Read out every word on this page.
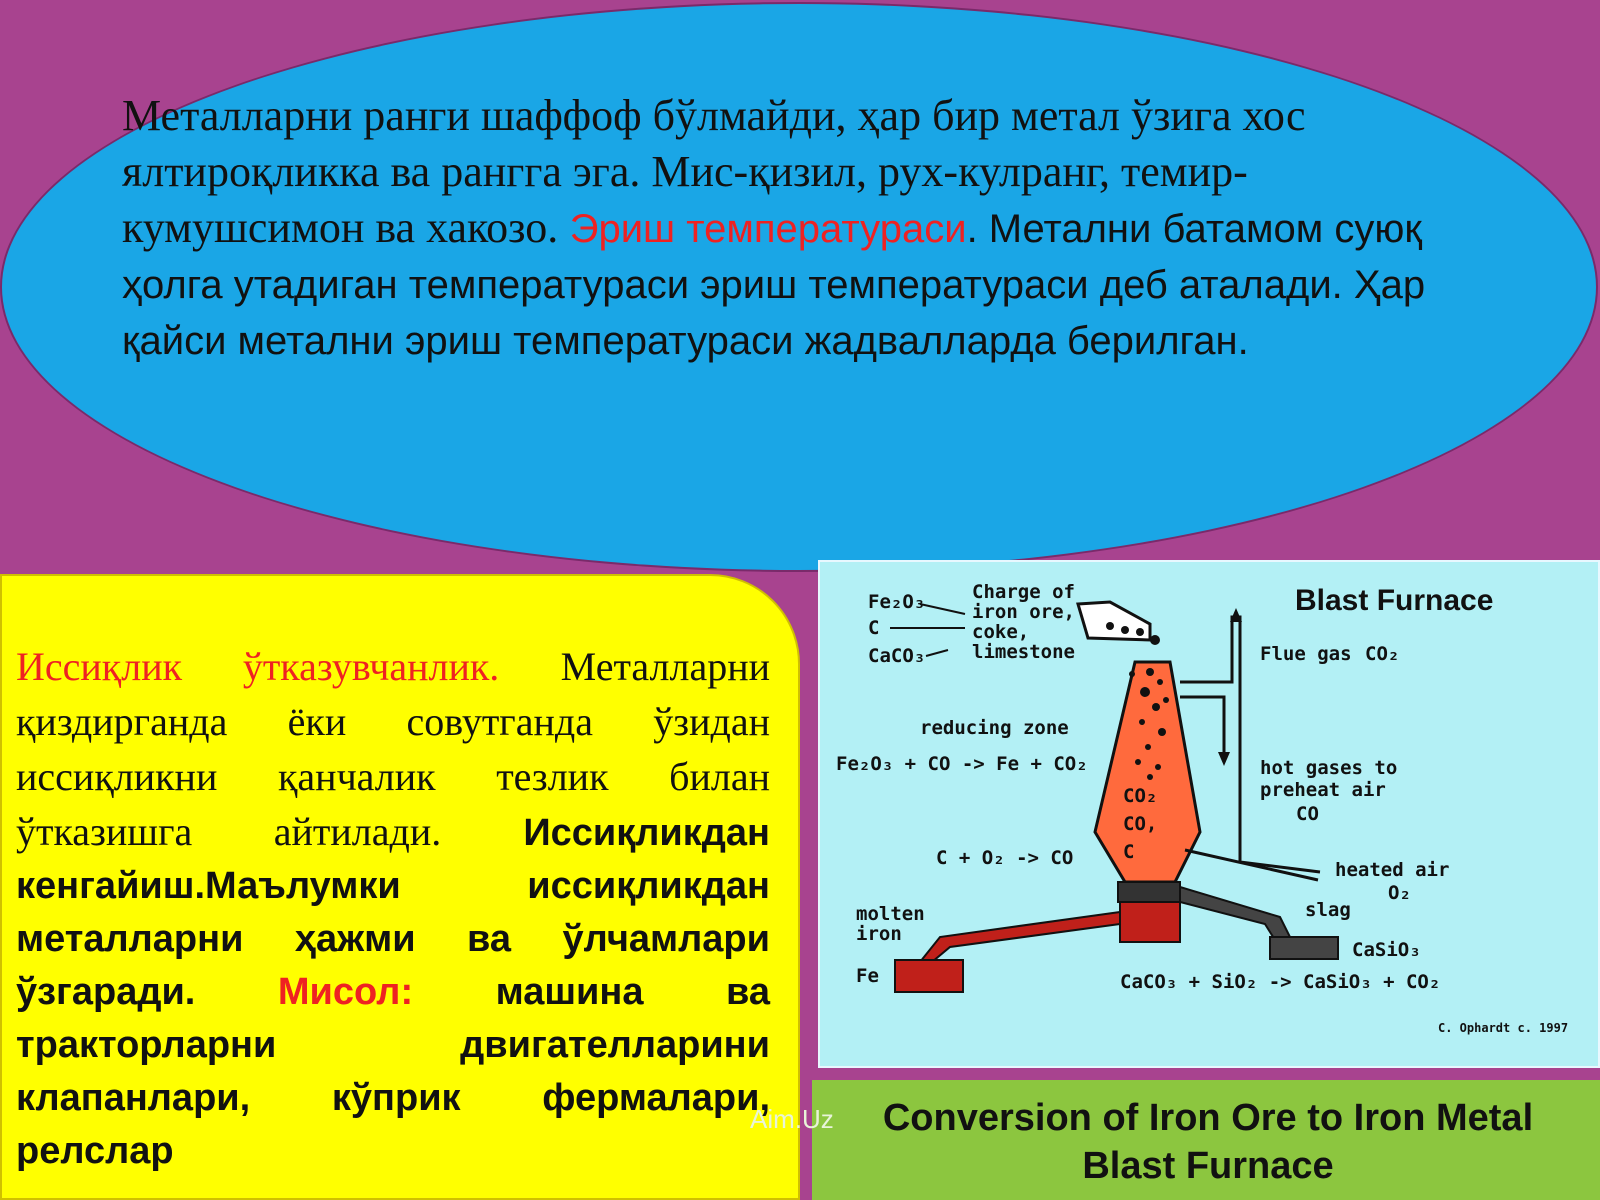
Металларни ранги шаффоф бўлмайди, ҳар бир метал ўзига хос ялтироқликка ва рангга эга. Мис-қизил, рух-кулранг, темир-кумушсимон ва хакозо. Эриш температураси. Метални батамом суюқ ҳолга утадиган температураси эриш температураси деб аталади. Ҳар қайси метални эриш температураси жадвалларда берилган.
Иссиқлик ўтказувчанлик. Металларни қиздирганда ёки совутганда ўзидан иссиқликни қанчалик тезлик билан ўтказишга айтилади. Иссиқликдан кенгайиш.Маълумки иссиқликдан металларни ҳажми ва ўлчамлари ўзгаради. Мисол: машина ва тракторларни двигателларини клапанлари, кўприк фермалари, релслар
Blast Furnace
Fe₂O₃
C
CaCO₃
Charge of
iron ore,
coke,
limestone
CO₂
CO,
C
molten
iron
Fe
slag
CaSiO₃
Flue gas CO₂
hot gases to
preheat air
CO
heated air
O₂
reducing zone
Fe₂O₃ + CO -> Fe + CO₂
C + O₂ -> CO
CaCO₃ + SiO₂ -> CaSiO₃ + CO₂
C. Ophardt c. 1997
Aim.Uz	Conversion of Iron Ore to Iron Metal Blast Furnace
